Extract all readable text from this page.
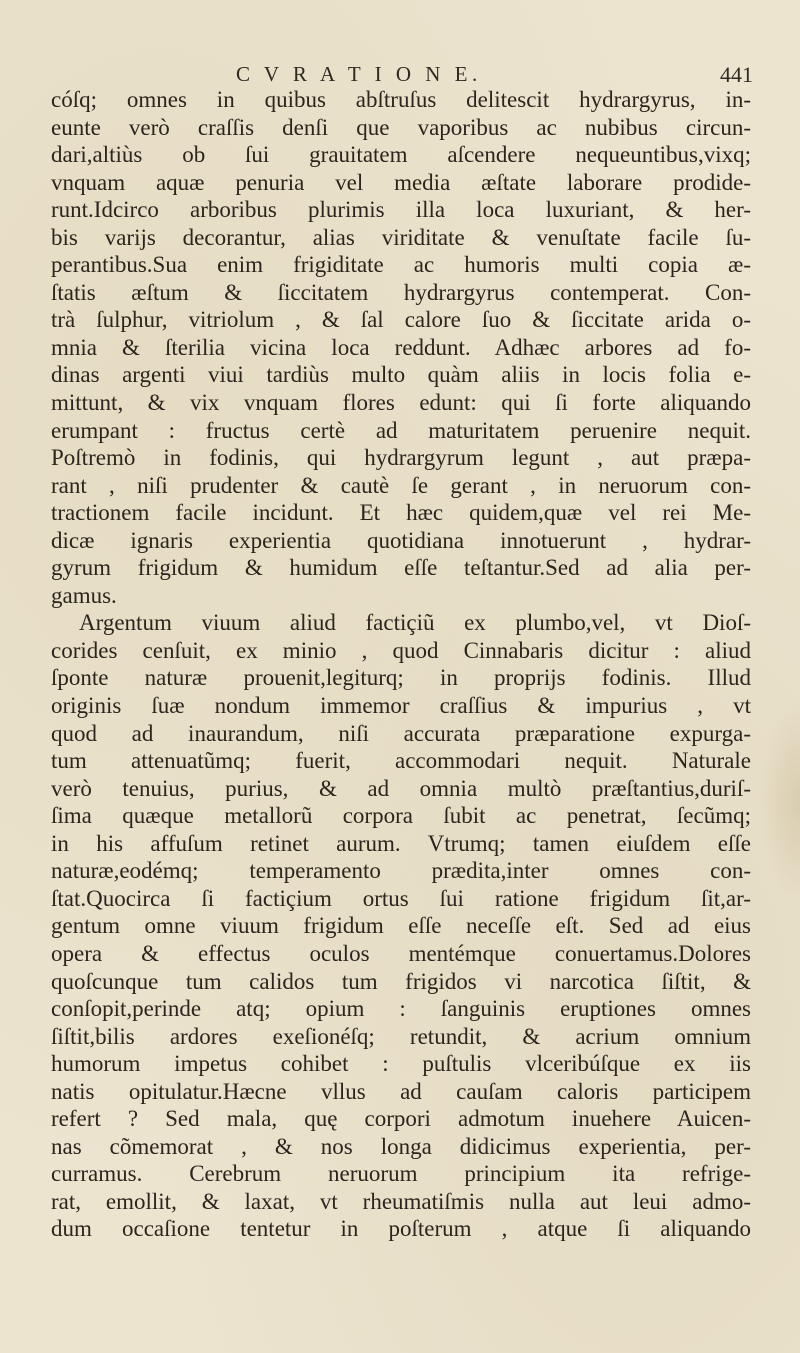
C V R A T I O N E.	441
cóſq; omnes in quibus abſtruſus delitescit hydrargyrus, in-
eunte verò craſſis denſi que vaporibus ac nubibus circun-
dari,altiùs ob ſui grauitatem aſcendere nequeuntibus,vixq;
vnquam aquæ penuria vel media æſtate laborare prodide-
runt.Idcirco arboribus plurimis illa loca luxuriant, & her-
bis varijs decorantur, alias viriditate & venuſtate facile ſu-
perantibus.Sua enim frigiditate ac humoris multi copia æ-
ſtatis æſtum & ſiccitatem hydrargyrus contemperat. Con-
trà ſulphur, vitriolum , & ſal calore ſuo & ſiccitate arida o-
mnia & ſterilia vicina loca reddunt. Adhæc arbores ad fo-
dinas argenti viui tardiùs multo quàm aliis in locis folia e-
mittunt, & vix vnquam flores edunt: qui ſi forte aliquando
erumpant : fructus certè ad maturitatem peruenire nequit.
Poſtremò in fodinis, qui hydrargyrum legunt , aut præpa-
rant , niſi prudenter & cautè ſe gerant , in neruorum con-
tractionem facile incidunt. Et hæc quidem,quæ vel rei Me-
dicæ ignaris experientia quotidiana innotuerunt , hydrar-
gyrum frigidum & humidum eſſe teſtantur.Sed ad alia per-
gamus.
Argentum viuum aliud factiçiũ ex plumbo,vel, vt Dioſ-
corides cenſuit, ex minio , quod Cinnabaris dicitur : aliud
ſponte naturæ prouenit,legiturq; in proprijs fodinis. Illud
originis ſuæ nondum immemor craſſius & impurius , vt
quod ad inaurandum, niſi accurata præparatione expurga-
tum attenuatũmq; fuerit, accommodari nequit. Naturale
verò tenuius, purius, & ad omnia multò præſtantius,duriſ-
ſima quæque metallorũ corpora ſubit ac penetrat, ſecũmq;
in his affuſum retinet aurum. Vtrumq; tamen eiuſdem eſſe
naturæ,eodémq; temperamento prædita,inter omnes con-
ſtat.Quocirca ſi factiçium ortus ſui ratione frigidum ſit,ar-
gentum omne viuum frigidum eſſe neceſſe eſt. Sed ad eius
opera & effectus oculos mentémque conuertamus.Dolores
quoſcunque tum calidos tum frigidos vi narcotica ſiſtit, &
conſopit,perinde atq; opium : ſanguinis eruptiones omnes
ſiſtit,bilis ardores exeſionéſq; retundit, & acrium omnium
humorum impetus cohibet : puſtulis vlceribúſque ex iis
natis opitulatur.Hæcne vllus ad cauſam caloris participem
refert ? Sed mala, quę corpori admotum inuehere Auicen-
nas cõmemorat , & nos longa didicimus experientia, per-
curramus. Cerebrum neruorum principium ita refrige-
rat, emollit, & laxat, vt rheumatiſmis nulla aut leui admo-
dum occaſione tentetur in poſterum , atque ſi aliquando
